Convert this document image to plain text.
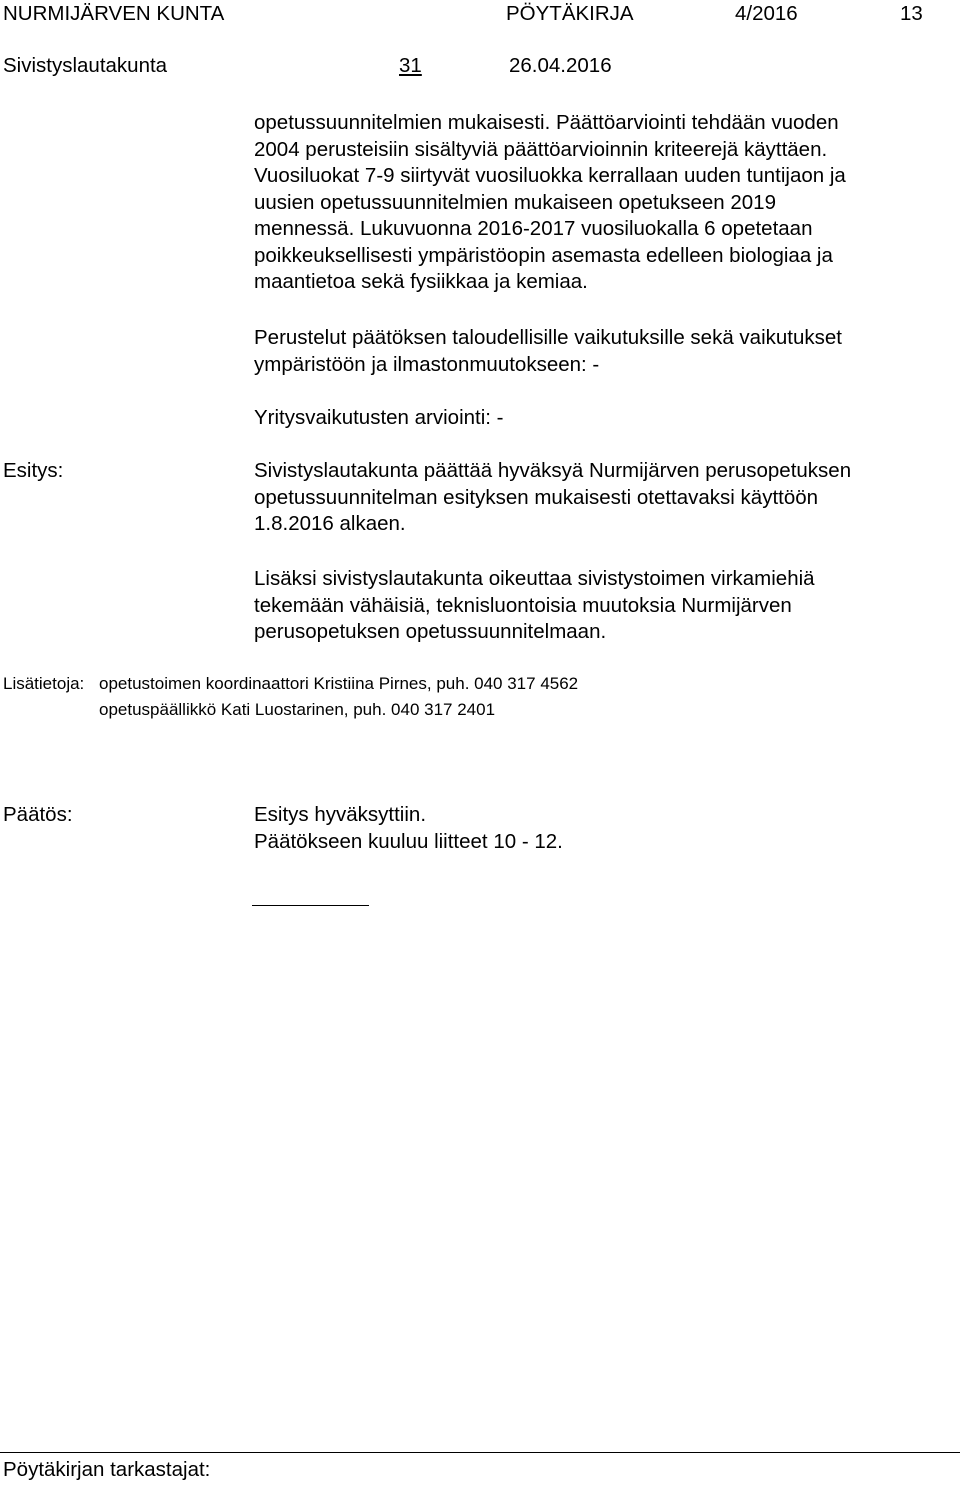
NURMIJÄRVEN KUNTA	PÖYTÄKIRJA	4/2016	13
Sivistyslautakunta	31	26.04.2016
opetussuunnitelmien mukaisesti. Päättöarviointi tehdään vuoden
2004 perusteisiin sisältyviä päättöarvioinnin kriteerejä käyttäen.
Vuosiluokat 7-9 siirtyvät vuosiluokka kerrallaan uuden tuntijaon ja
uusien opetussuunnitelmien mukaiseen opetukseen 2019
mennessä. Lukuvuonna 2016-2017 vuosiluokalla 6 opetetaan
poikkeuksellisesti ympäristöopin asemasta edelleen biologiaa ja
maantietoa sekä fysiikkaa ja kemiaa.
Perustelut päätöksen taloudellisille vaikutuksille sekä vaikutukset
ympäristöön ja ilmastonmuutokseen: -
Yritysvaikutusten arviointi: -
Esitys:	Sivistyslautakunta päättää hyväksyä Nurmijärven perusopetuksen
opetussuunnitelman esityksen mukaisesti otettavaksi käyttöön
1.8.2016 alkaen.
Lisäksi sivistyslautakunta oikeuttaa sivistystoimen virkamiehiä
tekemään vähäisiä, teknisluontoisia muutoksia Nurmijärven
perusopetuksen opetussuunnitelmaan.
Lisätietoja: opetustoimen koordinaattori Kristiina Pirnes, puh. 040 317 4562
opetuspäällikkö Kati Luostarinen, puh. 040 317 2401
Päätös:	Esitys hyväksyttiin.
Päätökseen kuuluu liitteet 10 - 12.
Pöytäkirjan tarkastajat:
